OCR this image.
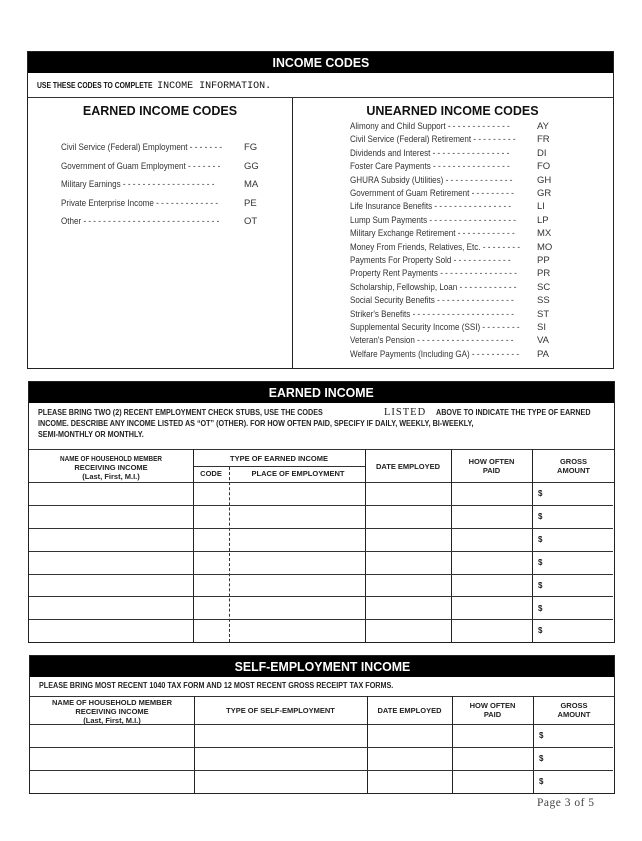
INCOME CODES
USE THESE CODES TO COMPLETE INCOME INFORMATION.
EARNED INCOME CODES
Civil Service (Federal) Employment - - - - - - - FG
Government of Guam Employment - - - - - - - GG
Military Earnings - - - - - - - - - - - - - - - - - - -	MA
Private Enterprise Income - - - - - - - - - - - - -	PE
Other - - - - - - - - - - - - - - - - - - - - - - - - - - - -	OT
UNEARNED INCOME CODES
Alimony and Child Support - - - - - - - - - - - - -	AY
Civil Service (Federal) Retirement - - - - - - - - - FR
Dividends and Interest - - - - - - - - - - - - - - - -	DI
Foster Care Payments - - - - - - - - - - - - - - - -	FO
GHURA Subsidy (Utilities) - - - - - - - - - - - - - -	GH
Government of Guam Retirement - - - - - - - - - GR
Life Insurance Benefits - - - - - - - - - - - - - - - -	LI
Lump Sum Payments - - - - - - - - - - - - - - - - - - LP
Military Exchange Retirement - - - - - - - - - - - - MX
Money From Friends, Relatives, Etc. - - - - - - - - MO
Payments For Property Sold - - - - - - - - - - - -	PP
Property Rent Payments - - - - - - - - - - - - - - - - PR
Scholarship, Fellowship, Loan - - - - - - - - - - - - SC
Social Security Benefits - - - - - - - - - - - - - - - - SS
Striker's Benefits - - - - - - - - - - - - - - - - - - - - - ST
Supplemental Security Income (SSI) - - - - - - - - SI
Veteran's Pension - - - - - - - - - - - - - - - - - - - - VA
Welfare Payments (Including GA) - - - - - - - - - - PA
EARNED INCOME
PLEASE BRING TWO (2) RECENT EMPLOYMENT CHECK STUBS, USE THE CODES	LISTED ABOVE TO INDICATE THE TYPE OF EARNED
INCOME. DESCRIBE ANY INCOME LISTED AS “OT” (OTHER). FOR HOW OFTEN PAID, SPECIFY IF DAILY, WEEKLY, BI-WEEKLY,
SEMI-MONTHLY OR MONTHLY.
NAME OF HOUSEHOLD MEMBER
RECEIVING INCOME
(Last, First, M.I.)
TYPE OF EARNED INCOME
CODE	PLACE OF EMPLOYMENT
DATE EMPLOYED
HOW OFTEN
PAID
GROSS
AMOUNT
$
$
$
$
$
$
$
SELF-EMPLOYMENT INCOME
PLEASE BRING MOST RECENT 1040 TAX FORM AND 12 MOST RECENT GROSS RECEIPT TAX FORMS.
NAME OF HOUSEHOLD MEMBER
RECEIVING INCOME
(Last, First, M.I.)
TYPE OF SELF-EMPLOYMENT	DATE EMPLOYED
HOW OFTEN
PAID
GROSS
AMOUNT
$
$
$
Page 3 of 5
